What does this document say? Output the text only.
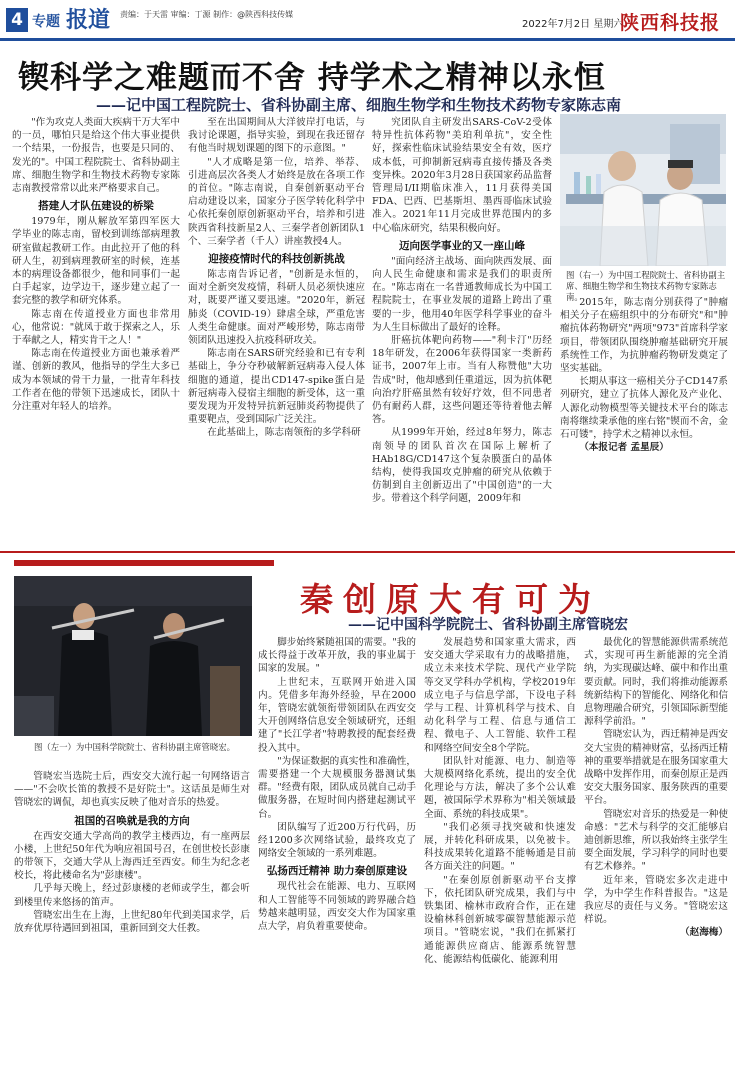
4 专题 报道 责编：于天雷 审编：丁源 制作：@陕西科技传媒
2022年7月2日 星期六
陕西科技报
锲科学之难题而不舍 持学术之精神以永恒
——记中国工程院院士、省科协副主席、细胞生物学和生物技术药物专家陈志南

"作为攻克人类面大疾病干万大军中的一员，哪怕只是给这个伟大事业提供一个结果，一份报告，也要是只同的、发光的"。中国工程院院士、省科协副主席、细胞生物学和生物技术药物专家陈志南教授常常以此来严格要求自己。

搭建人才队伍建设的桥梁

1979年，刚从解放军第四军医大学毕业的陈志南，留校到训练部病理教研室做起教研工作。由此拉开了他的科研人生，初到病理教研室的时候，连基本的病理设备都很少，他和同事们一起白手起家，边学边干，逐步建立起了一套完整的教学和研究体系。

陈志南在传道授业方面也非常用心，他常说："就凤于敢于探索之人，乐于奉献之人，精实肯干之人！"

陈志南在传道授业方面也兼承着严谨、创新的教风，他指导的学生大多已成为本领域的骨干力量，一批青年科技工作者在他的带领下迅速成长，团队十分注重对年轻人的培养。

至在出国期间从大洋彼岸打电话，与我讨论课题，指导实验，到现在我还留存有他当时规划课题的图下的示意图。"

"人才成略是第一位，培养、举荐、引进高层次各类人才始终是放在各项工作的首位。"陈志南说，自秦创新驱动平台启动建设以来，国家分子医学转化科学中心依托秦创原创新驱动平台，培养和引进陕西省科技新星2人、三秦学者创新团队1个、三秦学者（千人）讲座教授4人。

迎接疫情时代的科技创新挑战

陈志南告诉记者，"创新是永恒的，面对全新突发疫情，科研人员必须快速应对，既要严谨又要迅速。"2020年，新冠肺炎（COVID-19）肆虐全球，严重危害人类生命健康。面对严峻形势，陈志南带领团队迅速投入抗疫科研攻关。

陈志南在SARS研究经验和已有专利基础上，争分夺秒破解新冠病毒入侵人体细胞的通道，提出CD147-spike蛋白是新冠病毒入侵宿主细胞的新受体，这一重要发现为开发特异抗新冠肺炎药物提供了重要靶点，受到国际广泛关注。

在此基础上，陈志南领衔的多学科研

究团队自主研发出SARS-CoV-2受体特异性抗体药物"美珀利单抗"，安全性好，探索性临床试验结果安全有效，医疗成本低，可抑制新冠病毒直接传播及各类变异株。2020年3月28日获国家药品监督管理局I/II期临床准入，11月获得美国FDA、巴西、巴基斯坦、墨西哥临床试验准入。2021年11月完成世界范围内的多中心临床研究，结果积极向好。

迈向医学事业的又一座山峰

"面向经济主战场、面向陕西发展、面向人民生命健康和需求是我们的职责所在。"陈志南在一名普通教师成长为中国工程院院士，在事业发展的道路上跨出了重要的一步，他用40年医学科学事业的奋斗为人生目标做出了最好的诠释。

肝癌抗体靶向药物——"利卡汀"历经18年研发，在2006年获得国家一类新药证书，2007年上市。当有人称赞他"大功告成"时，他却感到任重道远，因为抗体靶向治疗肝癌虽然有较好疗效，但不同患者仍有耐药人群，这些问题还等待着他去解答。

从1999年开始，经过8年努力，陈志南领导的团队首次在国际上解析了HAb18G/CD147这个复杂膜蛋白的晶体结构，使得我国攻克肿瘤的研究从依赖于仿制到自主创新迈出了"中国创造"的一大步。带着这个科学问题，2009年和

图（右一）为中国工程院院士、省科协副主席、细胞生物学和生物技术药物专家陈志南。

2015年，陈志南分别获得了"肿瘤相关分子在癌组织中的分布研究"和"肿瘤抗体药物研究"两项"973"首席科学家项目，带领团队围绕肿瘤基础研究开展系统性工作，为抗肿瘤药物研发奠定了坚实基础。

长期从事这一癌相关分子CD147系列研究，建立了抗体人源化及产业化、人源化动物模型等关键技术平台的陈志南将继续秉承他的座右铭"锲而不舍，金石可镂"，持学术之精神以永恒。

（本报记者 孟星辰）

秦创原大有可为
——记中国科学院院士、省科协副主席管晓宏
图（左一）为中国科学院院士、省科协副主席管晓宏。

管晓宏当选院士后，西安交大流行起一句网络语言——"不会吹长笛的教授不是好院士"。这话虽是师生对管晓宏的调侃，却也真实反映了他对音乐的热爱。

祖国的召唤就是我的方向

在西安交通大学高尚的教学主楼西边，有一座两层小楼，上世纪50年代为响应祖国号召，在创世校长彭康的带领下，交通大学从上海西迁至西安。师生为纪念老校长，将此楼命名为"彭康楼"。

几乎每天晚上，经过彭康楼的老师或学生，都会听到楼里传来悠扬的笛声。

管晓宏出生在上海，上世纪80年代到美国求学，后放弃优厚待遇回到祖国，重新回到交大任教。

脚步始终紧随祖国的需要。"我的成长得益于改革开放，我的事业属于国家的发展。"

上世纪末，互联网开始进入国内。凭借多年海外经验，早在2000年，管晓宏就领衔带领团队在西安交大开创网络信息安全领域研究，还组建了"长江学者"特聘教授的配套经费投入其中。

"为保证数据的真实性和准确性，需要搭建一个大规模服务器测试集群。"经费有限，团队成员就自己动手做服务器，在短时间内搭建起测试平台。

团队编写了近200万行代码，历经1200多次网络试验，最终攻克了网络安全领域的一系列难题。

弘扬西迁精神 助力秦创原建设

现代社会在能源、电力、互联网和人工智能等不同领域的跨界融合趋势越来越明显，西安交大作为国家重点大学，肩负着重要使命。

发展趋势和国家重大需求，西安交通大学采取有力的战略措施，成立未来技术学院、现代产业学院等交叉学科办学机构，学校2019年成立电子与信息学部，下设电子科学与工程、计算机科学与技术、自动化科学与工程、信息与通信工程、微电子、人工智能、软件工程和网络空间安全8个学院。

团队针对能源、电力、制造等大规模网络化系统，提出的安全优化理论与方法，解决了多个公认难题，被国际学术界称为"相关领域最全面、系统的科技成果"。

"我们必须寻找突破和快速发展，并转化科研成果，以免被卡。科技成果转化道路不能畅通是目前各方面关注的问题。"

"在秦创原创新驱动平台支撑下，依托团队研究成果，我们与中铁集团、榆林市政府合作，正在建设榆林科创新城零碳智慧能源示范项目。"管晓宏说，"我们在抓紧打通能源供应商店、能源系统智慧化、能源结构低碳化、能源利用

最优化的智慧能源供需系统范式，实现可再生新能源的完全消纳，为实现碳达峰、碳中和作出重要贡献。同时，我们将推动能源系统新结构下的智能化、网络化和信息物理融合研究，引领国际新型能源科学前沿。"

管晓宏认为，西迁精神是西安交大宝贵的精神财富，弘扬西迁精神的重要举措就是在服务国家重大战略中发挥作用，而秦创原正是西安交大服务国家、服务陕西的重要平台。

管晓宏对音乐的热爱是一种使命感："艺术与科学的交汇能够启迪创新思维，所以我始终主张学生要全面发展，学习科学的同时也要有艺术修养。"

近年来，管晓宏多次走进中学，为中学生作科普报告。"这是我应尽的责任与义务。"管晓宏这样说。

（赵海梅）
